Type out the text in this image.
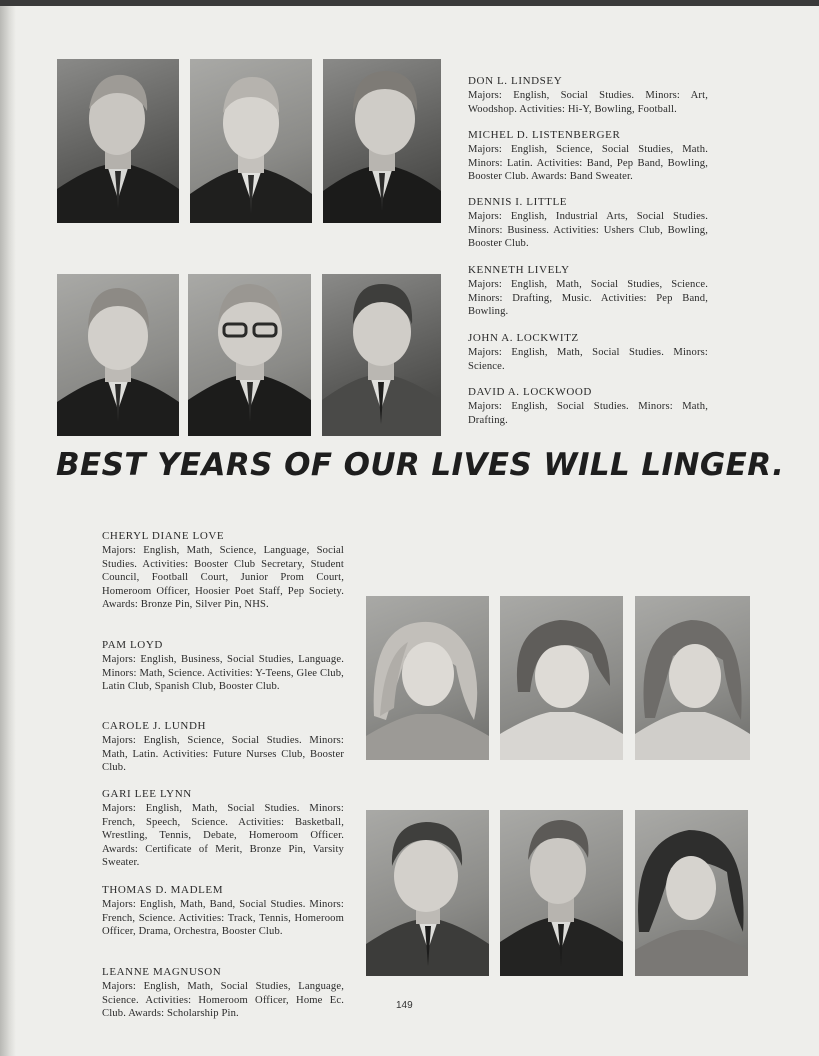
DON L. LINDSEY
Majors: English, Social Studies. Minors: Art, Woodshop. Activities: Hi-Y, Bowling, Football.
MICHEL D. LISTENBERGER
Majors: English, Science, Social Studies, Math. Minors: Latin. Activities: Band, Pep Band, Bowling, Booster Club. Awards: Band Sweater.
DENNIS I. LITTLE
Majors: English, Industrial Arts, Social Studies. Minors: Business. Activities: Ushers Club, Bowling, Booster Club.
KENNETH LIVELY
Majors: English, Math, Social Studies, Science. Minors: Drafting, Music. Activities: Pep Band, Bowling.
JOHN A. LOCKWITZ
Majors: English, Math, Social Studies. Minors: Science.
DAVID A. LOCKWOOD
Majors: English, Social Studies. Minors: Math, Drafting.
BEST YEARS OF OUR LIVES WILL LINGER.
CHERYL DIANE LOVE
Majors: English, Math, Science, Language, Social Studies. Activities: Booster Club Secretary, Student Council, Football Court, Junior Prom Court, Homeroom Officer, Hoosier Poet Staff, Pep Society. Awards: Bronze Pin, Silver Pin, NHS.
PAM LOYD
Majors: English, Business, Social Studies, Language. Minors: Math, Science. Activities: Y-Teens, Glee Club, Latin Club, Spanish Club, Booster Club.
CAROLE J. LUNDH
Majors: English, Science, Social Studies. Minors: Math, Latin. Activities: Future Nurses Club, Booster Club.
GARI LEE LYNN
Majors: English, Math, Social Studies. Minors: French, Speech, Science. Activities: Basketball, Wrestling, Tennis, Debate, Homeroom Officer. Awards: Certificate of Merit, Bronze Pin, Varsity Sweater.
THOMAS D. MADLEM
Majors: English, Math, Band, Social Studies. Minors: French, Science. Activities: Track, Tennis, Homeroom Officer, Drama, Orchestra, Booster Club.
LEANNE MAGNUSON
Majors: English, Math, Social Studies, Language, Science. Activities: Homeroom Officer, Home Ec. Club. Awards: Scholarship Pin.
149
